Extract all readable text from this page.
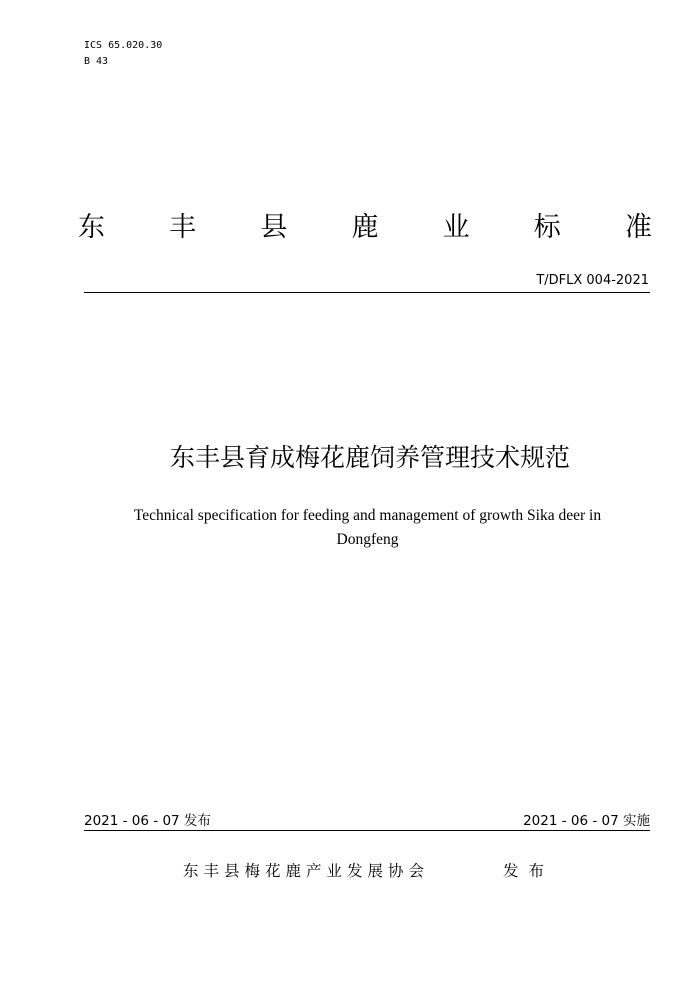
ICS 65.020.30
B 43
东 丰 县 鹿 业 标 准
T/DFLX 004-2021
东丰县育成梅花鹿饲养管理技术规范
Technical specification for feeding and management of growth Sika deer in Dongfeng
2021 - 06 - 07 发布	2021 - 06 - 07 实施
东丰县梅花鹿产业发展协会	发布
